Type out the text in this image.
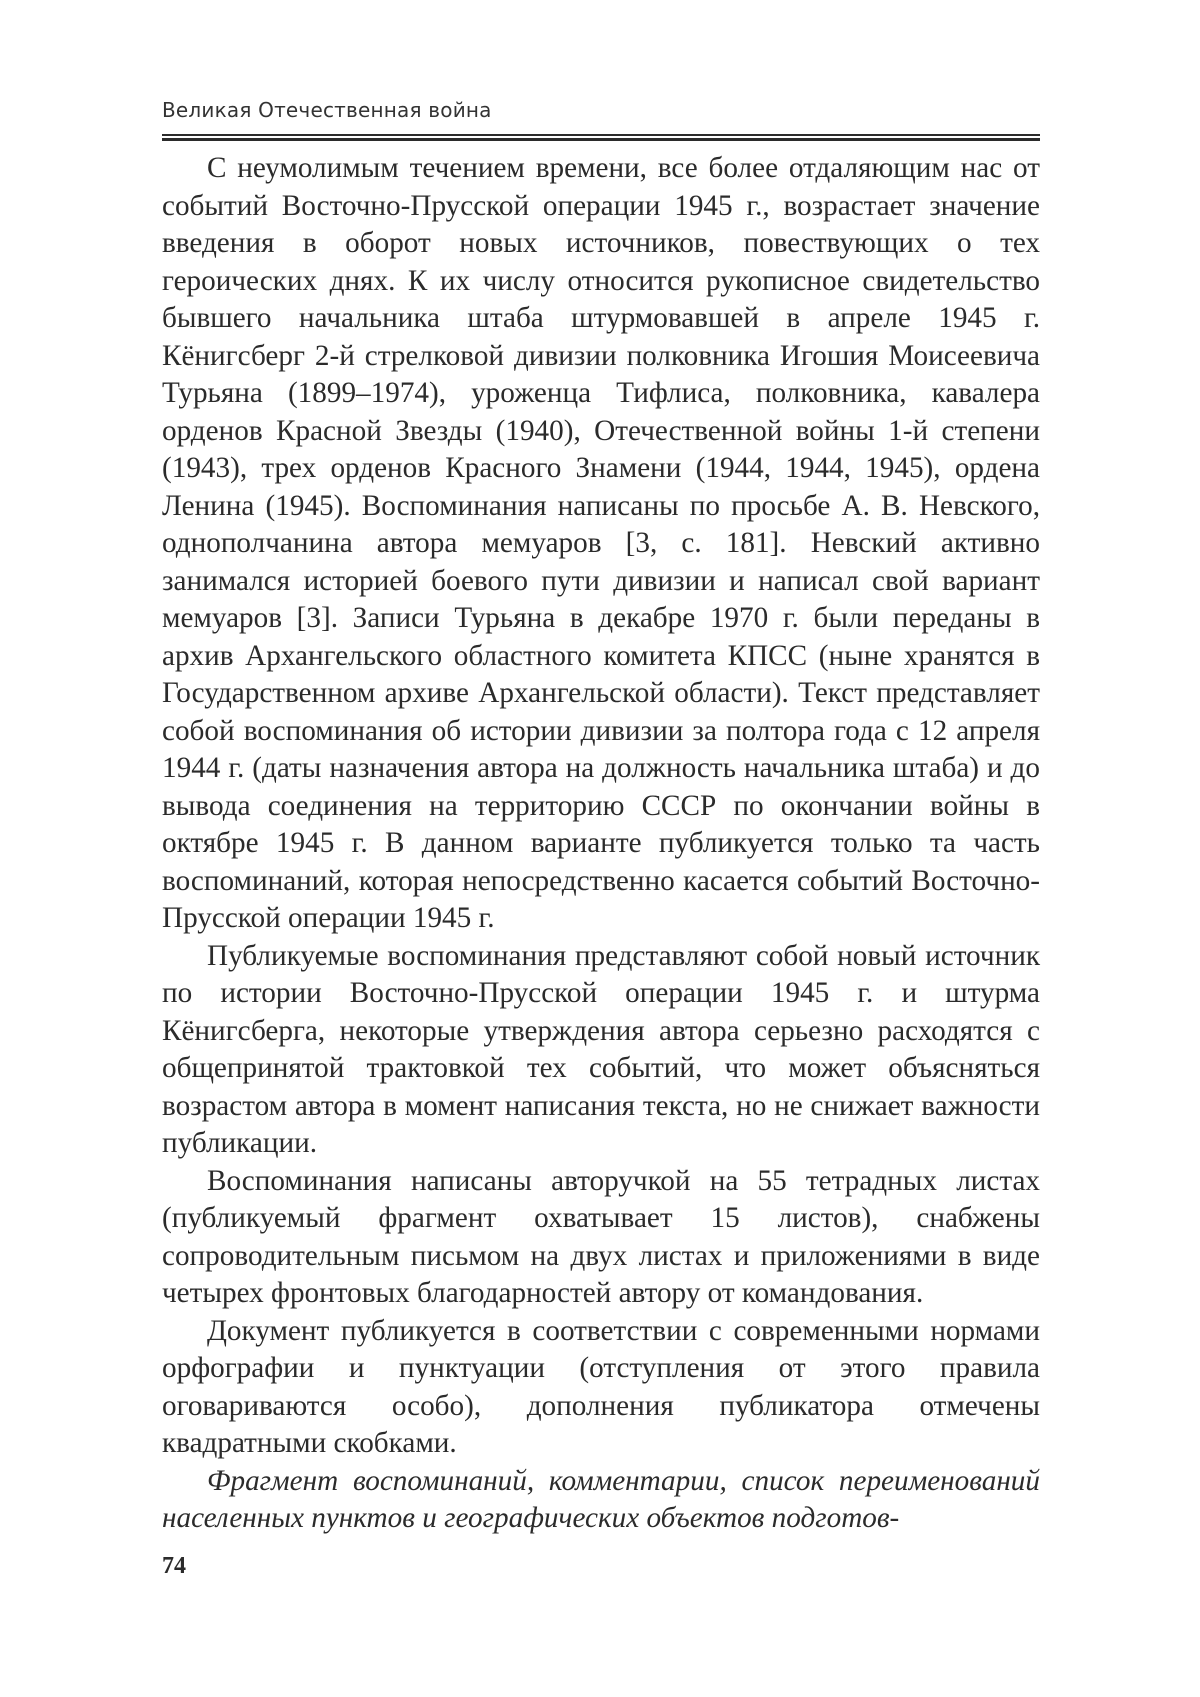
Великая Отечественная война

С неумолимым течением времени, все более отдаляющим нас от событий Восточно-Прусской операции 1945 г., возрастает значение введения в оборот новых источников, повествующих о тех героических днях. К их числу относится рукописное свидетельство бывшего начальника штаба штурмовавшей в апреле 1945 г. Кёнигсберг 2-й стрелковой дивизии полковника Игошия Моисеевича Турьяна (1899–1974), уроженца Тифлиса, полковника, кавалера орденов Красной Звезды (1940), Отечественной войны 1-й степени (1943), трех орденов Красного Знамени (1944, 1944, 1945), ордена Ленина (1945). Воспоминания написаны по просьбе А. В. Невского, однополчанина автора мемуаров [3, с. 181]. Невский активно занимался историей боевого пути дивизии и написал свой вариант мемуаров [3]. Записи Турьяна в декабре 1970 г. были переданы в архив Архангельского областного комитета КПСС (ныне хранятся в Государственном архиве Архангельской области). Текст представляет собой воспоминания об истории дивизии за полтора года с 12 апреля 1944 г. (даты назначения автора на должность начальника штаба) и до вывода соединения на территорию СССР по окончании войны в октябре 1945 г. В данном варианте публикуется только та часть воспоминаний, которая непосредственно касается событий Восточно-Прусской операции 1945 г.

Публикуемые воспоминания представляют собой новый источник по истории Восточно-Прусской операции 1945 г. и штурма Кёнигсберга, некоторые утверждения автора серьезно расходятся с общепринятой трактовкой тех событий, что может объясняться возрастом автора в момент написания текста, но не снижает важности публикации.

Воспоминания написаны авторучкой на 55 тетрадных листах (публикуемый фрагмент охватывает 15 листов), снабжены сопроводительным письмом на двух листах и приложениями в виде четырех фронтовых благодарностей автору от командования.

Документ публикуется в соответствии с современными нормами орфографии и пунктуации (отступления от этого правила оговариваются особо), дополнения публикатора отмечены квадратными скобками.

Фрагмент воспоминаний, комментарии, список переименований населенных пунктов и географических объектов подготов-

74
